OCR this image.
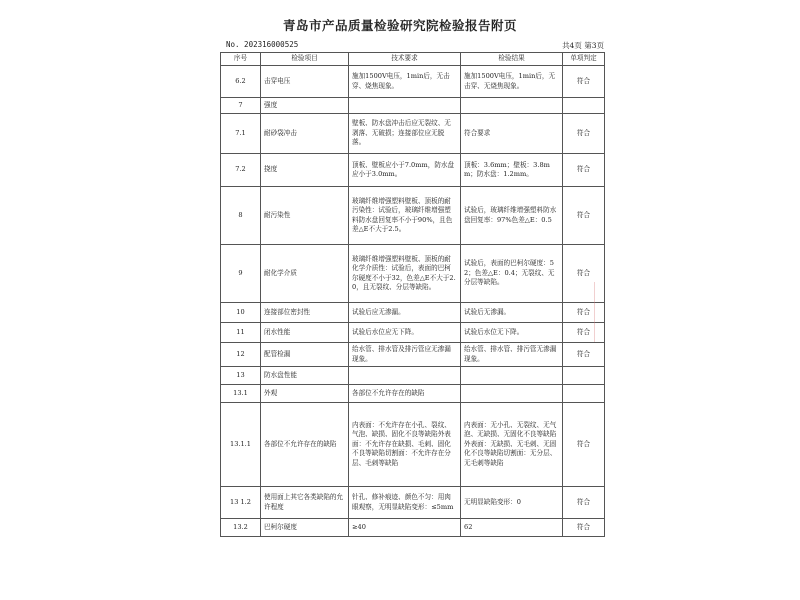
青岛市产品质量检验研究院检验报告附页
No. 202316000525	共4页 第3页
序号	检验项目	技术要求	检验结果	单项判定
6.2	击穿电压	施加1500V电压，1min后，无击穿、烧焦现象。	施加1500V电压，1min后，无击穿、无烧焦现象。	符合
7	强度			
7.1	耐砂袋冲击	壁板、防水盘冲击后应无裂纹、无剥落、无破损；连接部位应无脱落。	符合要求	符合
7.2	挠度	顶板、壁板应小于7.0mm，防水盘应小于3.0mm。	顶板：3.6mm；壁板：3.8mm；防水盘：1.2mm。	符合
8	耐污染性	玻璃纤维增强塑料壁板、顶板的耐污染性：试验后，玻璃纤维增强塑料防水盘回复率不小于90%，且色差△E不大于2.5。	试验后，玻璃纤维增强塑料防水盘回复率：97%色差△E：0.5	符合
9	耐化学介质	玻璃纤维增强塑料壁板、顶板的耐化学介质性：试验后，表面的巴柯尔硬度不小于32，色差△E不大于2.0，且无裂纹、分层等缺陷。	试验后，表面的巴柯尔硬度：52；色差△E：0.4；无裂纹、无分层等缺陷。	符合
10	连接部位密封性	试验后应无渗漏。	试验后无渗漏。	符合
11	闭水性能	试验后水位应无下降。	试验后水位无下降。	符合
12	配管检漏	给水管、排水管及排污管应无渗漏现象。	给水管、排水管、排污管无渗漏现象。	符合
13	防水盘性能			
13.1	外观	各部位不允许存在的缺陷		
13.1.1	各部位不允许存在的缺陷	内表面：不允许存在小孔、裂纹、气泡、缺损、固化不良等缺陷外表面：不允许存在缺损、毛刺、固化不良等缺陷切割面：不允许存在分层、毛刺等缺陷	内表面：无小孔、无裂纹、无气泡、无缺损、无固化不良等缺陷外表面：无缺损、无毛刺、无固化不良等缺陷切割面：无分层、无毛刺等缺陷	符合
13 1.2	使用面上其它各类缺陷的允许程度	针孔、修补痕迹、颜色不匀：用肉眼观察，无明显缺陷变形：≤5mm	无明显缺陷变形：0	符合
13.2	巴柯尔硬度	≥40	62	符合
